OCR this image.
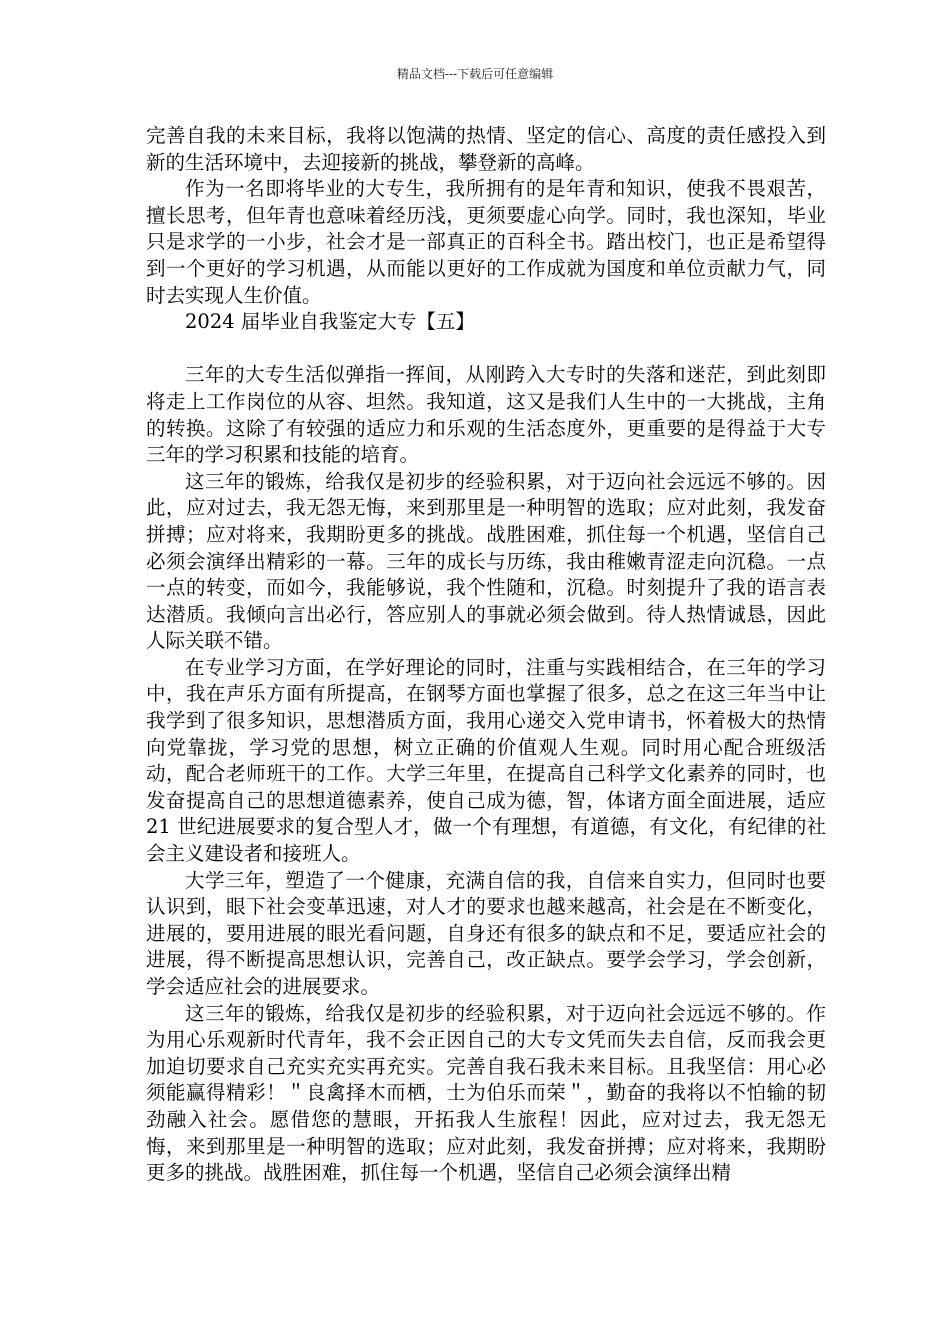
精品文档---下载后可任意编辑

完善自我的未来目标，我将以饱满的热情、坚定的信心、高度的责任感投入到新的生活环境中，去迎接新的挑战，攀登新的高峰。

作为一名即将毕业的大专生，我所拥有的是年青和知识，使我不畏艰苦，擅长思考，但年青也意味着经历浅，更须要虚心向学。同时，我也深知，毕业只是求学的一小步，社会才是一部真正的百科全书。踏出校门，也正是希望得到一个更好的学习机遇，从而能以更好的工作成就为国度和单位贡献力气，同时去实现人生价值。

2024 届毕业自我鉴定大专【五】

三年的大专生活似弹指一挥间，从刚跨入大专时的失落和迷茫，到此刻即将走上工作岗位的从容、坦然。我知道，这又是我们人生中的一大挑战，主角的转换。这除了有较强的适应力和乐观的生活态度外，更重要的是得益于大专三年的学习积累和技能的培育。

这三年的锻炼，给我仅是初步的经验积累，对于迈向社会远远不够的。因此，应对过去，我无怨无悔，来到那里是一种明智的选取；应对此刻，我发奋拼搏；应对将来，我期盼更多的挑战。战胜困难，抓住每一个机遇，坚信自己必须会演绎出精彩的一幕。三年的成长与历练，我由稚嫩青涩走向沉稳。一点一点的转变，而如今，我能够说，我个性随和，沉稳。时刻提升了我的语言表达潜质。我倾向言出必行，答应别人的事就必须会做到。待人热情诚恳，因此人际关联不错。

在专业学习方面，在学好理论的同时，注重与实践相结合，在三年的学习中，我在声乐方面有所提高，在钢琴方面也掌握了很多，总之在这三年当中让我学到了很多知识，思想潜质方面，我用心递交入党申请书，怀着极大的热情向党靠拢，学习党的思想，树立正确的价值观人生观。同时用心配合班级活动，配合老师班干的工作。大学三年里，在提高自己科学文化素养的同时，也发奋提高自己的思想道德素养，使自己成为德，智，体诸方面全面进展，适应 21 世纪进展要求的复合型人才，做一个有理想，有道德，有文化，有纪律的社会主义建设者和接班人。

大学三年，塑造了一个健康，充满自信的我，自信来自实力，但同时也要认识到，眼下社会变革迅速，对人才的要求也越来越高，社会是在不断变化，进展的，要用进展的眼光看问题，自身还有很多的缺点和不足，要适应社会的进展，得不断提高思想认识，完善自己，改正缺点。要学会学习，学会创新，学会适应社会的进展要求。

这三年的锻炼，给我仅是初步的经验积累，对于迈向社会远远不够的。作为用心乐观新时代青年，我不会正因自己的大专文凭而失去自信，反而我会更加迫切要求自己充实充实再充实。完善自我石我未来目标。且我坚信：用心必须能赢得精彩！＂良禽择木而栖，士为伯乐而荣＂，勤奋的我将以不怕输的韧劲融入社会。愿借您的慧眼，开拓我人生旅程！因此，应对过去，我无怨无悔，来到那里是一种明智的选取；应对此刻，我发奋拼搏；应对将来，我期盼更多的挑战。战胜困难，抓住每一个机遇，坚信自己必须会演绎出精
